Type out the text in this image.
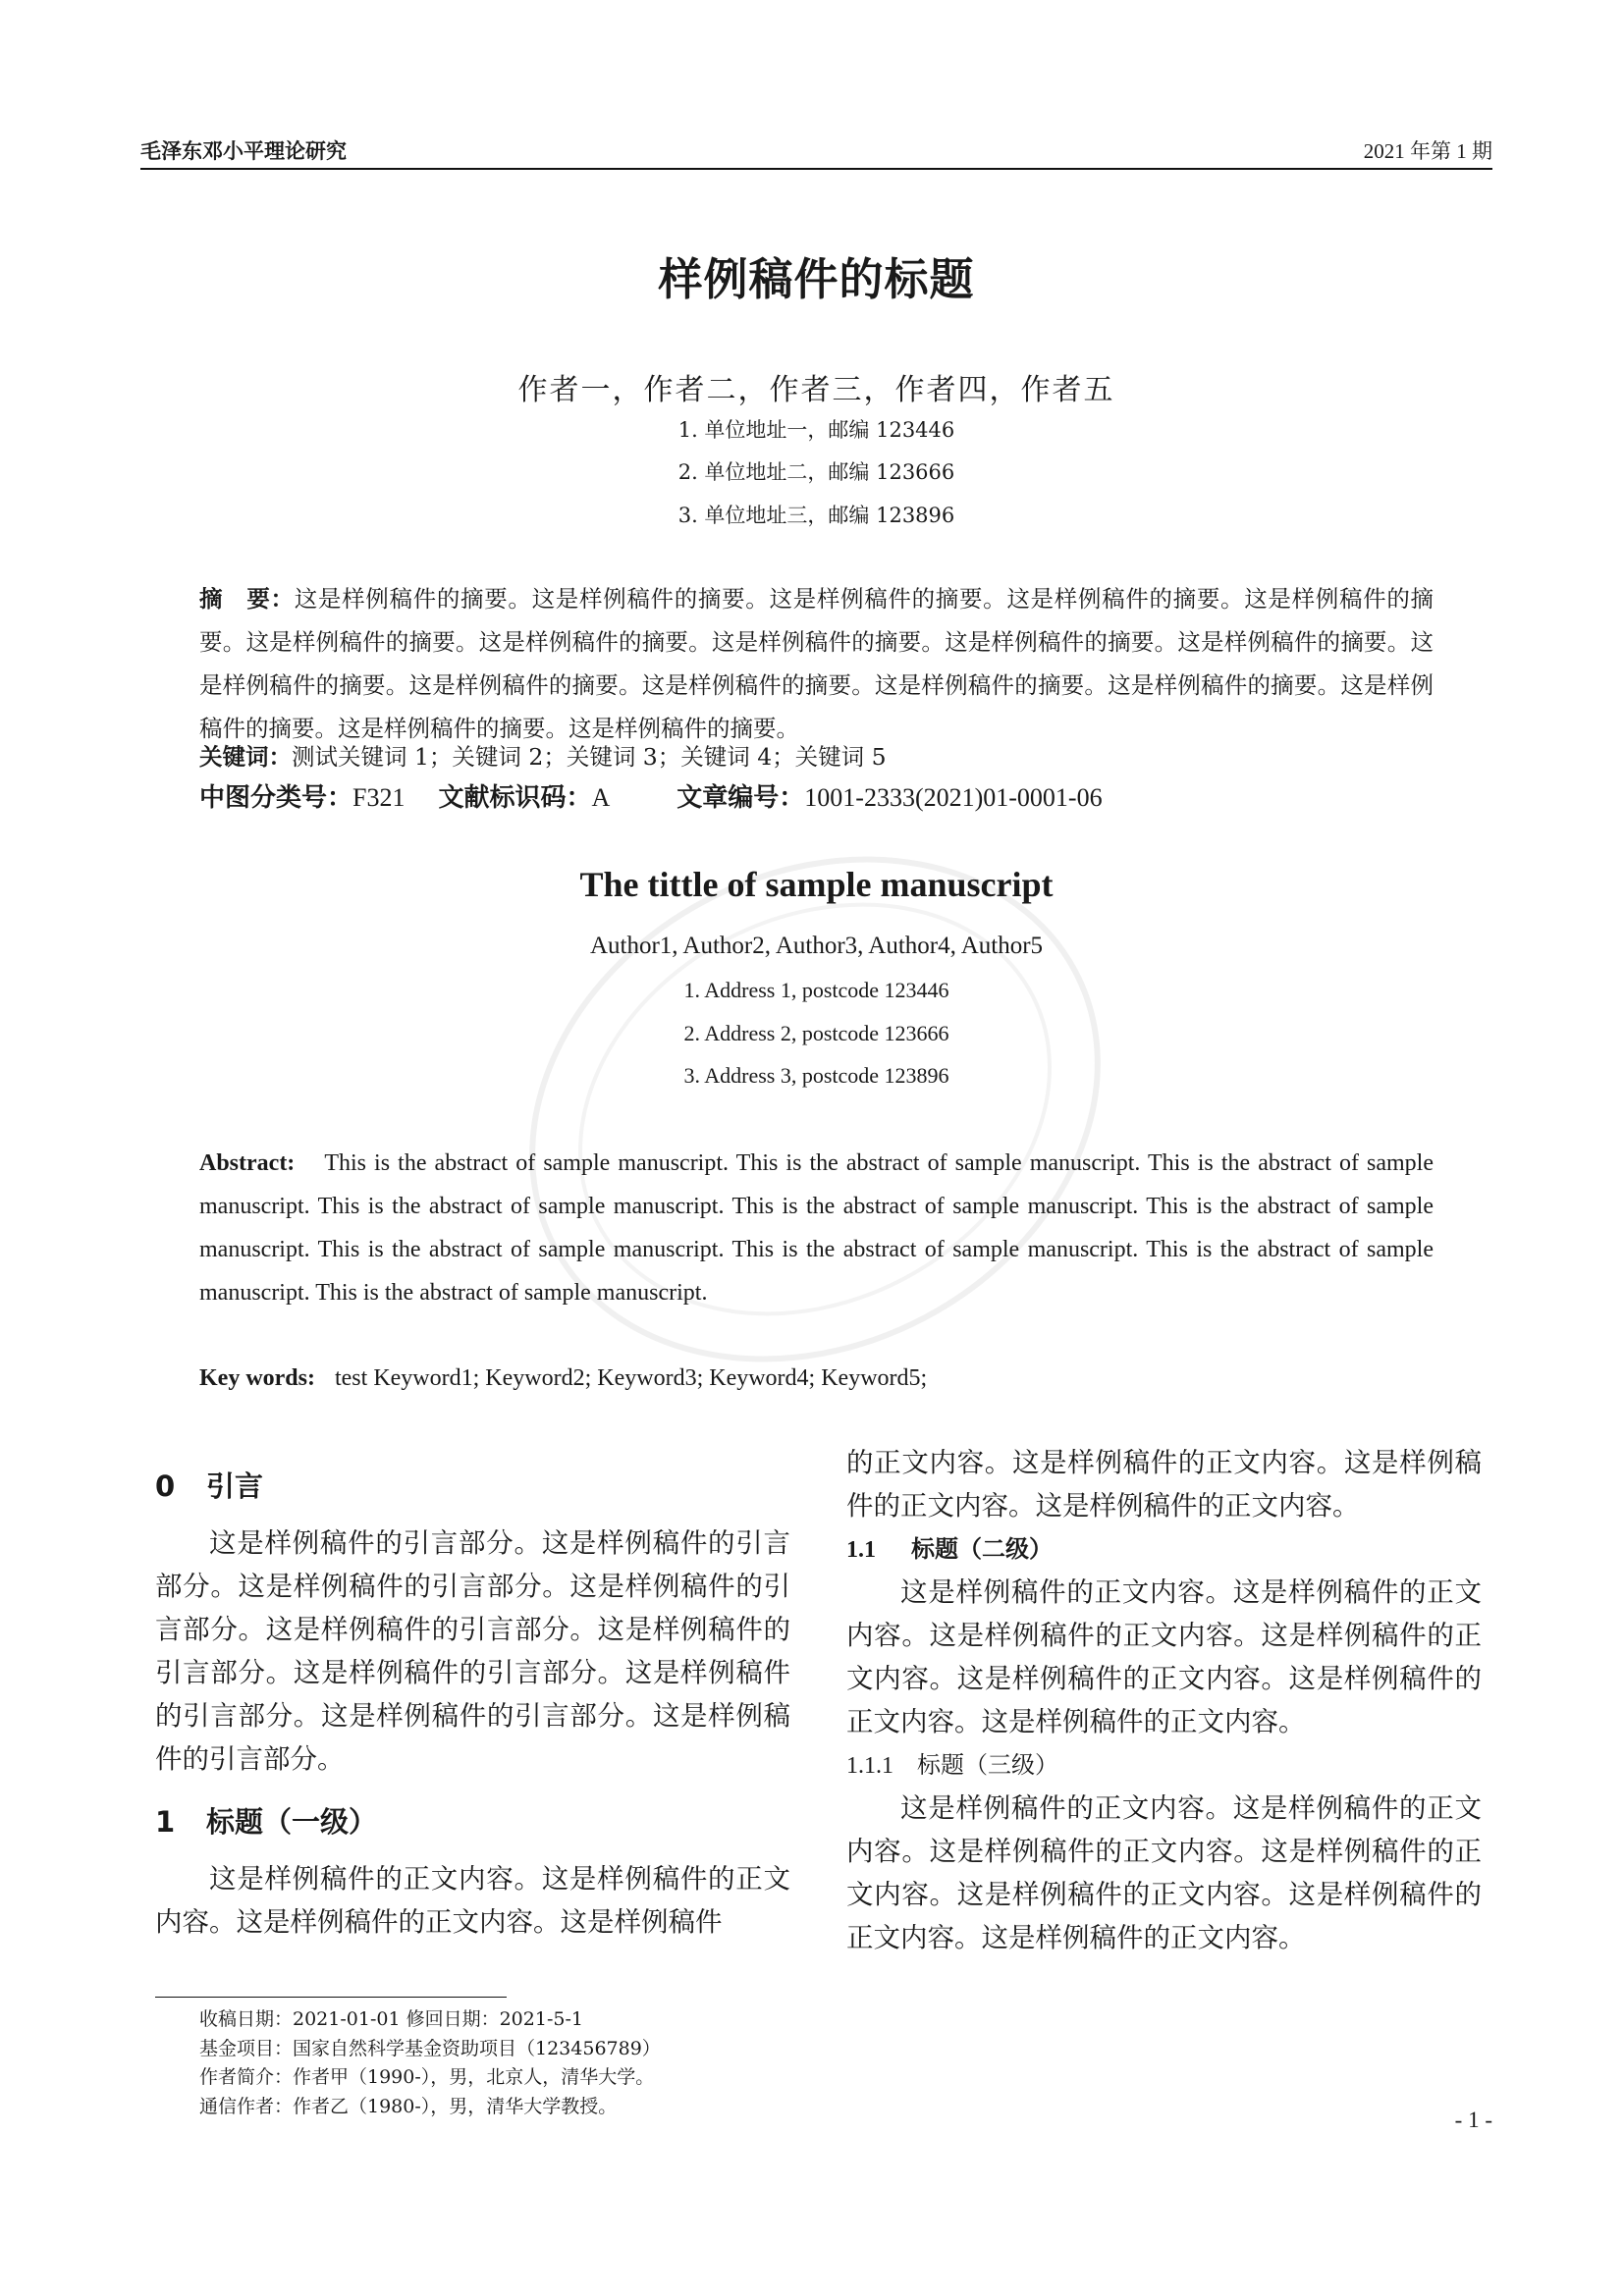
毛泽东邓小平理论研究	2021 年第 1 期
样例稿件的标题
作者一，作者二，作者三，作者四，作者五
1. 单位地址一，邮编 123446
2. 单位地址二，邮编 123666
3. 单位地址三，邮编 123896
摘　要：这是样例稿件的摘要。这是样例稿件的摘要。这是样例稿件的摘要。这是样例稿件的摘要。这是样例稿件的摘要。这是样例稿件的摘要。这是样例稿件的摘要。这是样例稿件的摘要。这是样例稿件的摘要。这是样例稿件的摘要。这是样例稿件的摘要。这是样例稿件的摘要。这是样例稿件的摘要。这是样例稿件的摘要。这是样例稿件的摘要。这是样例稿件的摘要。这是样例稿件的摘要。这是样例稿件的摘要。
关键词：测试关键词 1；关键词 2；关键词 3；关键词 4；关键词 5
中图分类号：F321 文献标识码：A	文章编号：1001-2333(2021)01-0001-06
The tittle of sample manuscript
Author1, Author2, Author3, Author4, Author5
1. Address 1, postcode 123446
2. Address 2, postcode 123666
3. Address 3, postcode 123896
Abstract: This is the abstract of sample manuscript. This is the abstract of sample manuscript. This is the abstract of sample manuscript. This is the abstract of sample manuscript. This is the abstract of sample manuscript. This is the abstract of sample manuscript. This is the abstract of sample manuscript. This is the abstract of sample manuscript. This is the abstract of sample manuscript. This is the abstract of sample manuscript.
Key words: test Keyword1; Keyword2; Keyword3; Keyword4; Keyword5;
0 引言

这是样例稿件的引言部分。这是样例稿件的引言部分。这是样例稿件的引言部分。这是样例稿件的引言部分。这是样例稿件的引言部分。这是样例稿件的引言部分。这是样例稿件的引言部分。这是样例稿件的引言部分。这是样例稿件的引言部分。这是样例稿件的引言部分。

1 标题（一级）

这是样例稿件的正文内容。这是样例稿件的正文内容。这是样例稿件的正文内容。这是样例稿件

的正文内容。这是样例稿件的正文内容。这是样例稿件的正文内容。这是样例稿件的正文内容。

1.1 标题（二级）

这是样例稿件的正文内容。这是样例稿件的正文内容。这是样例稿件的正文内容。这是样例稿件的正文内容。这是样例稿件的正文内容。这是样例稿件的正文内容。这是样例稿件的正文内容。

1.1.1 标题（三级）

这是样例稿件的正文内容。这是样例稿件的正文内容。这是样例稿件的正文内容。这是样例稿件的正文内容。这是样例稿件的正文内容。这是样例稿件的正文内容。这是样例稿件的正文内容。

收稿日期：2021-01-01 修回日期：2021-5-1
基金项目：国家自然科学基金资助项目（123456789）
作者简介：作者甲（1990-），男，北京人，清华大学。
通信作者：作者乙（1980-），男，清华大学教授。
- 1 -
